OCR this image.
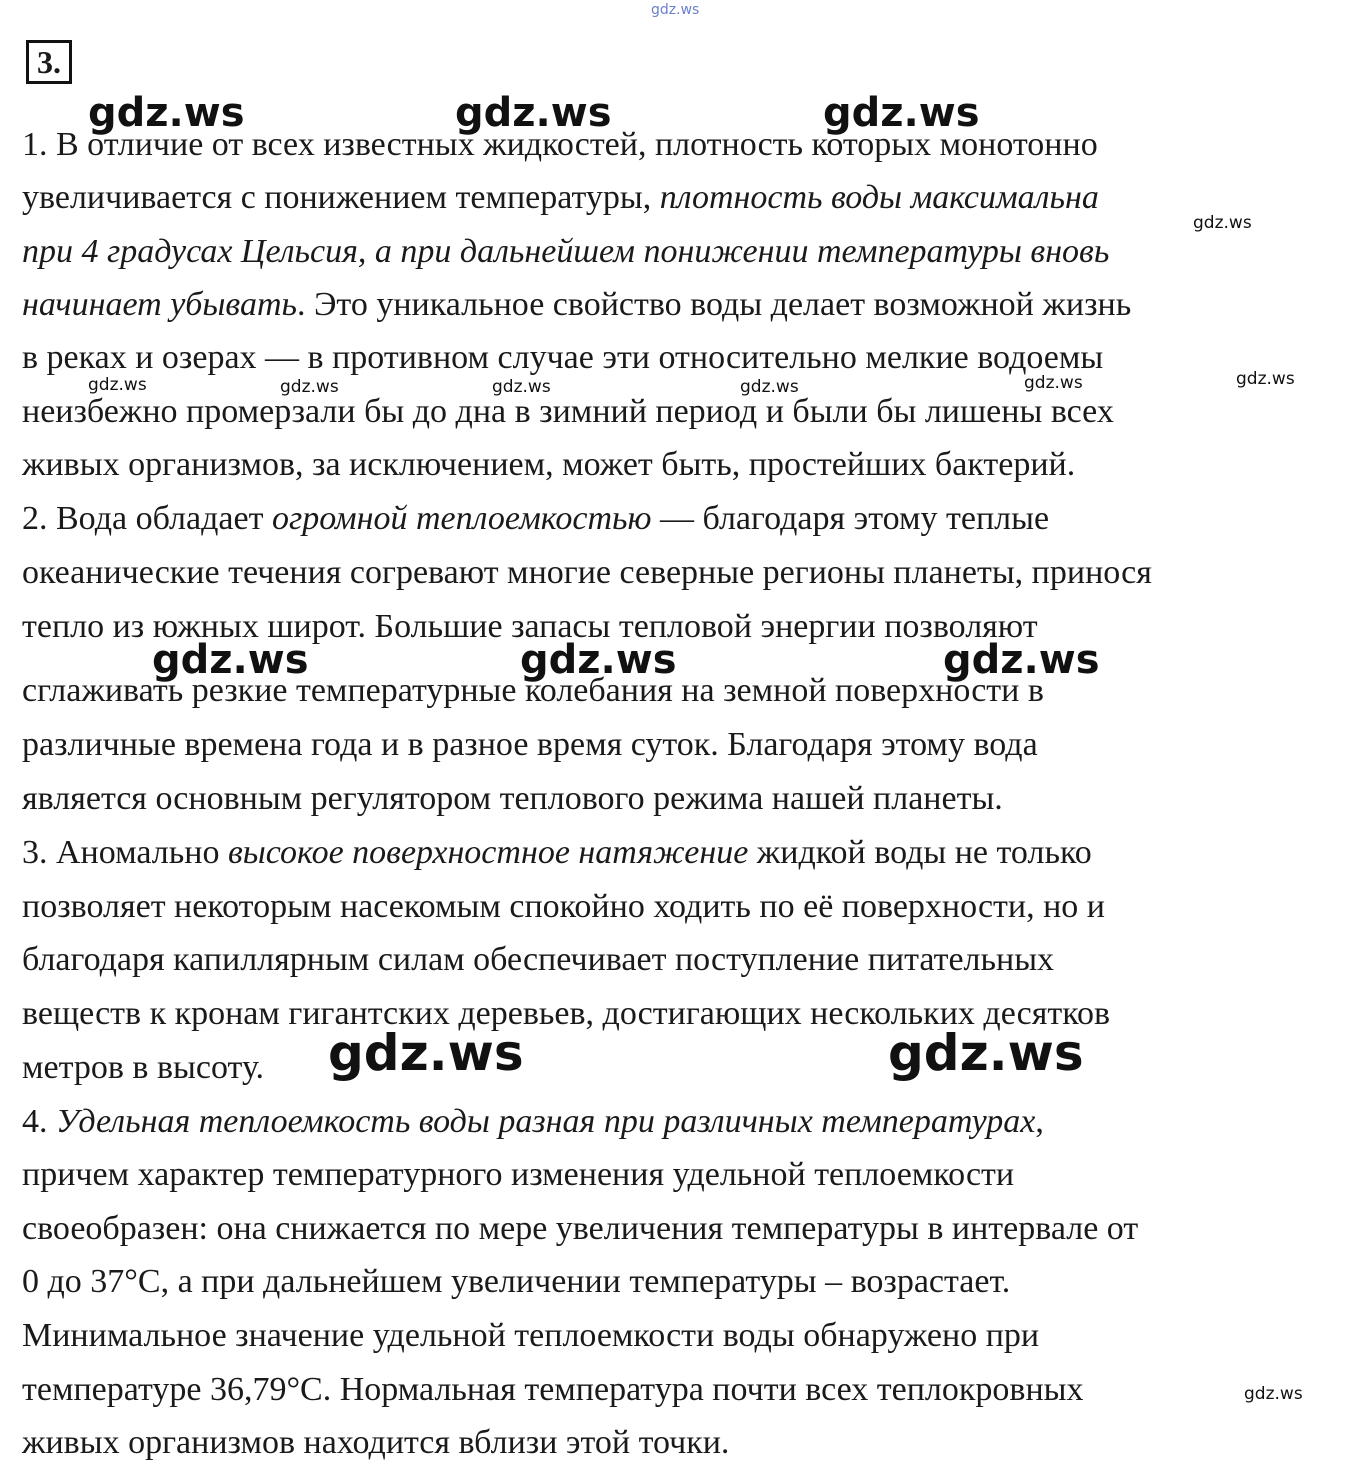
3.
1. В отличие от всех известных жидкостей, плотность которых монотонно
увеличивается с понижением температуры, плотность воды максимальна
при 4 градусах Цельсия, а при дальнейшем понижении температуры вновь
начинает убывать. Это уникальное свойство воды делает возможной жизнь
в реках и озерах — в противном случае эти относительно мелкие водоемы
неизбежно промерзали бы до дна в зимний период и были бы лишены всех
живых организмов, за исключением, может быть, простейших бактерий.
2. Вода обладает огромной теплоемкостью — благодаря этому теплые
океанические течения согревают многие северные регионы планеты, принося
тепло из южных широт. Большие запасы тепловой энергии позволяют
сглаживать резкие температурные колебания на земной поверхности в
различные времена года и в разное время суток. Благодаря этому вода
является основным регулятором теплового режима нашей планеты.
3. Аномально высокое поверхностное натяжение жидкой воды не только
позволяет некоторым насекомым спокойно ходить по её поверхности, но и
благодаря капиллярным силам обеспечивает поступление питательных
веществ к кронам гигантских деревьев, достигающих нескольких десятков
метров в высоту.
4. Удельная теплоемкость воды разная при различных температурах,
причем характер температурного изменения удельной теплоемкости
своеобразен: она снижается по мере увеличения температуры в интервале от
0 до 37°С, а при дальнейшем увеличении температуры – возрастает.
Минимальное значение удельной теплоемкости воды обнаружено при
температуре 36,79°С. Нормальная температура почти всех теплокровных
живых организмов находится вблизи этой точки.
gdz.ws
gdz.ws	gdz.ws	gdz.ws
gdz.ws
gdz.ws	gdz.ws	gdz.ws	gdz.ws	gdz.ws	gdz.ws
gdz.ws	gdz.ws	gdz.ws
gdz.ws	gdz.ws
gdz.ws
